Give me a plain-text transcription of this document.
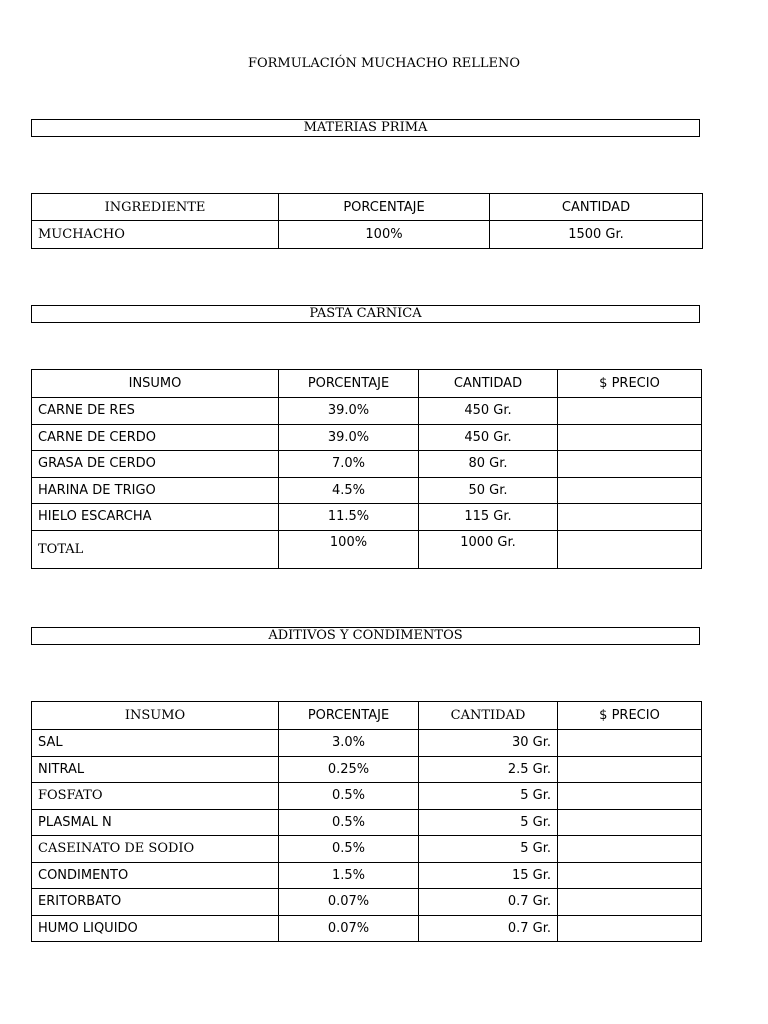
FORMULACIÓN MUCHACHO RELLENO
MATERIAS PRIMA
INGREDIENTE	PORCENTAJE	CANTIDAD
MUCHACHO	100%	1500 Gr.
PASTA CARNICA
INSUMO	PORCENTAJE	CANTIDAD	$ PRECIO
CARNE DE RES	39.0%	450 Gr.	
CARNE DE CERDO	39.0%	450 Gr.	
GRASA DE CERDO	7.0%	80 Gr.	
HARINA DE TRIGO	4.5%	50 Gr.	
HIELO ESCARCHA	11.5%	115 Gr.	
TOTAL	100%	1000 Gr.	
ADITIVOS Y CONDIMENTOS
INSUMO	PORCENTAJE	CANTIDAD	$ PRECIO
SAL	3.0%	30 Gr.	
NITRAL	0.25%	2.5 Gr.	
FOSFATO	0.5%	5 Gr.	
PLASMAL N	0.5%	5 Gr.	
CASEINATO DE SODIO	0.5%	5 Gr.	
CONDIMENTO	1.5%	15 Gr.	
ERITORBATO	0.07%	0.7 Gr.	
HUMO LIQUIDO	0.07%	0.7 Gr.	
